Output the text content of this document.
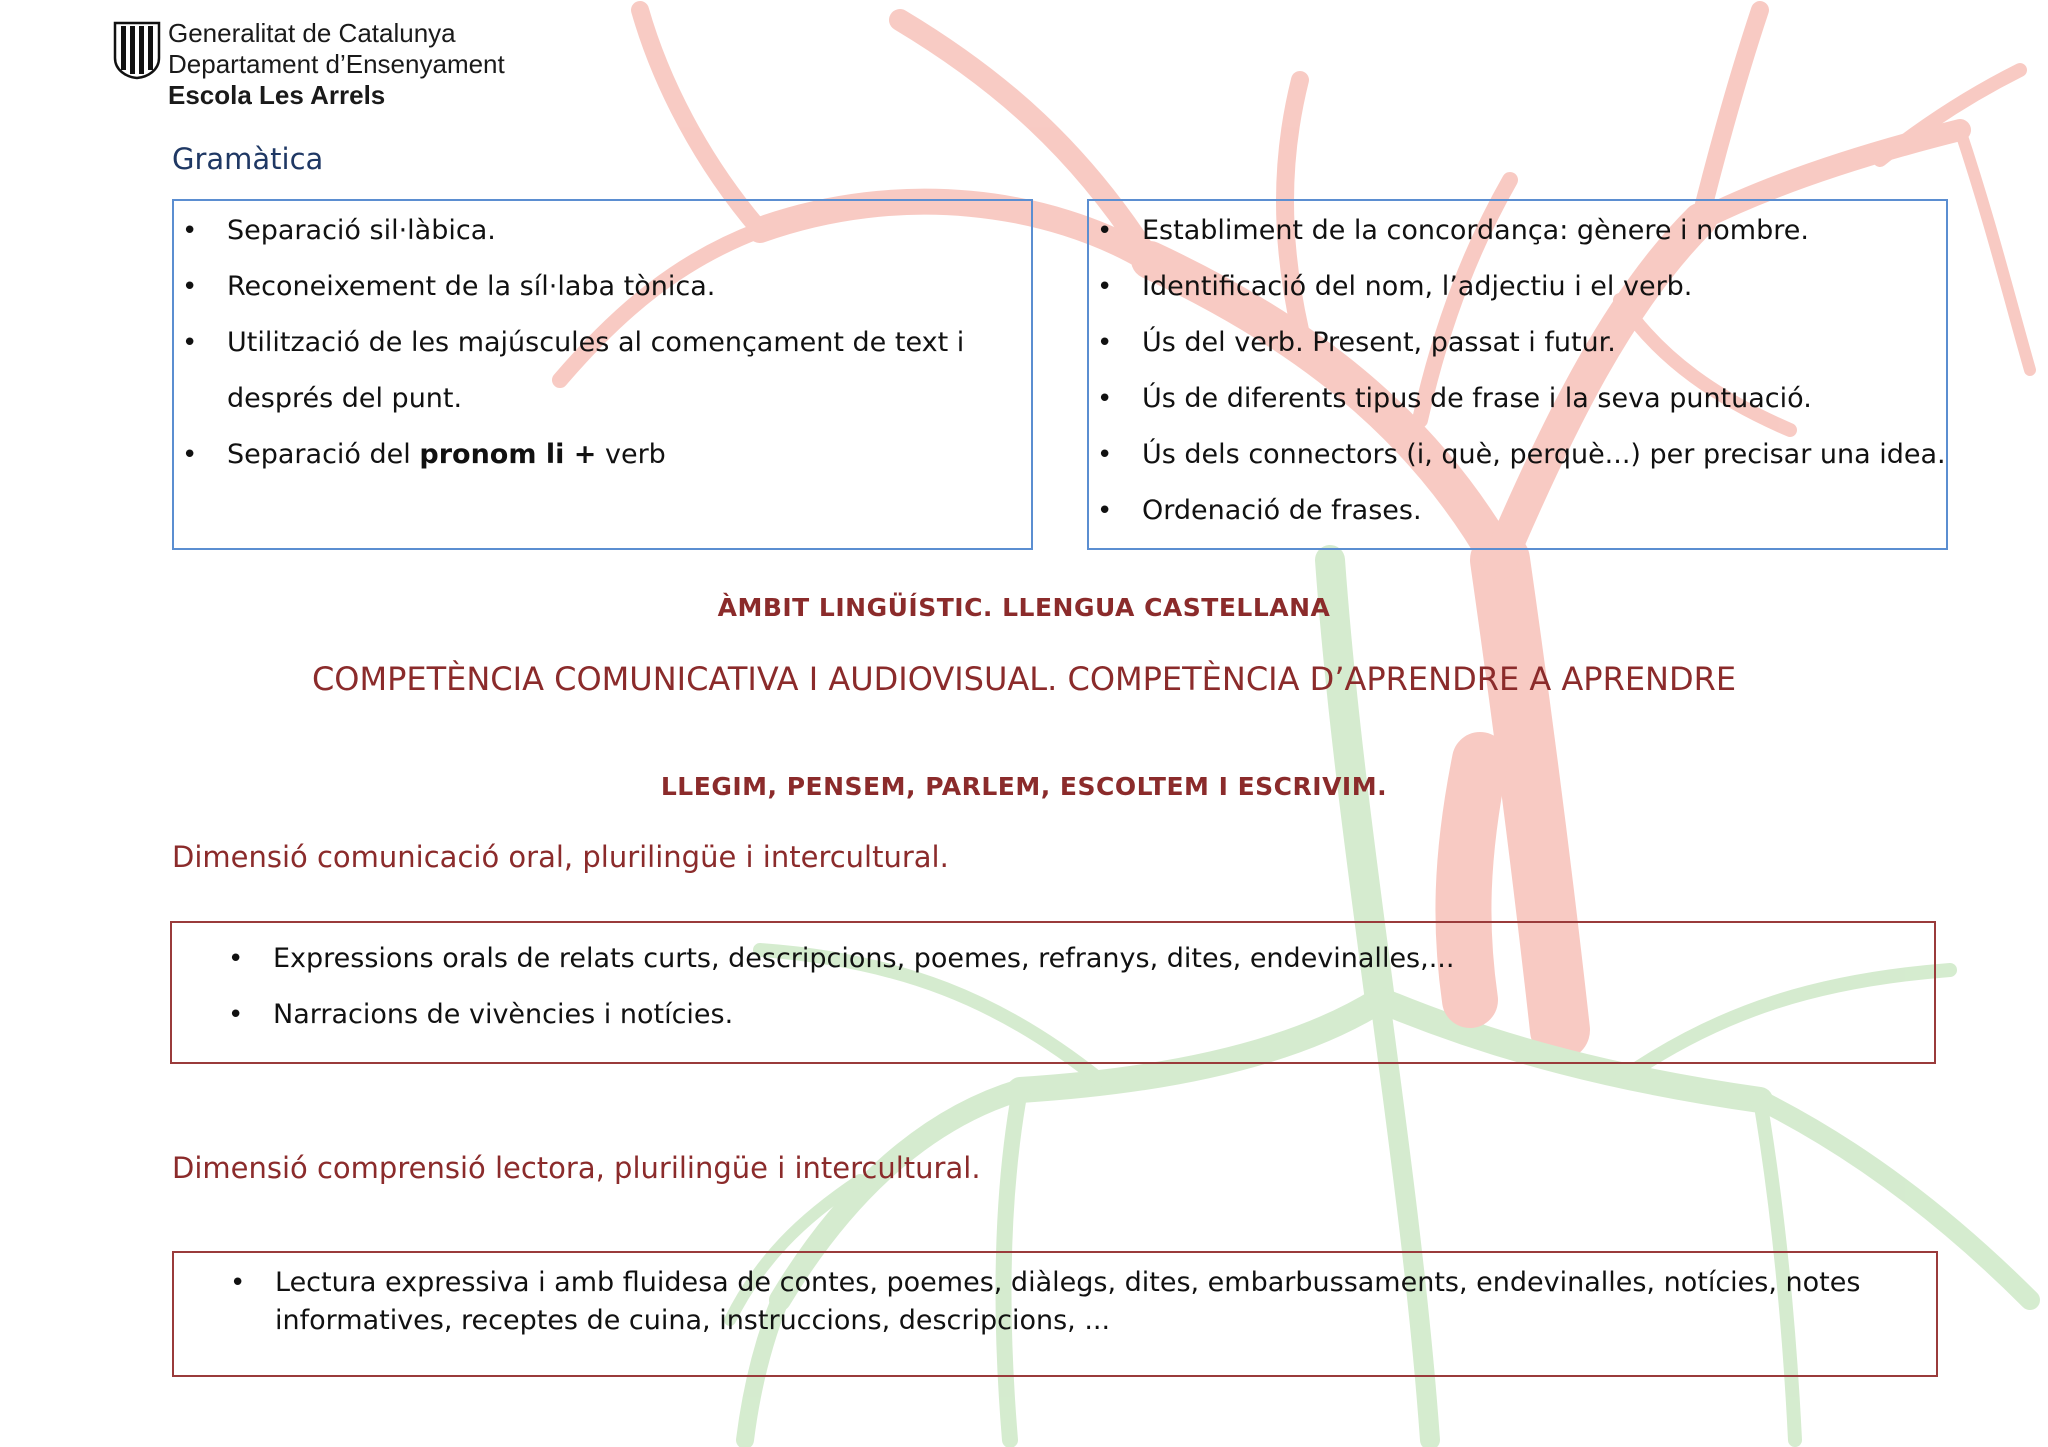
Generalitat de Catalunya
Departament d’Ensenyament
Escola Les Arrels
Gramàtica
• Separació sil·làbica.
• Reconeixement de la síl·laba tònica.
• Utilització de les majúscules al començament de text i després del punt.
• Separació del pronom li + verb
• Establiment de la concordança: gènere i nombre.
• Identificació del nom, l’adjectiu i el verb.
• Ús del verb. Present, passat i futur.
• Ús de diferents tipus de frase i la seva puntuació.
• Ús dels connectors (i, què, perquè...) per precisar una idea.
• Ordenació de frases.
ÀMBIT LINGÜÍSTIC. LLENGUA CASTELLANA
COMPETÈNCIA COMUNICATIVA I AUDIOVISUAL. COMPETÈNCIA D’APRENDRE A APRENDRE
LLEGIM, PENSEM, PARLEM, ESCOLTEM I ESCRIVIM.
Dimensió comunicació oral, plurilingüe i intercultural.
• Expressions orals de relats curts, descripcions, poemes, refranys, dites, endevinalles,...
• Narracions de vivències i notícies.
Dimensió comprensió lectora, plurilingüe i intercultural.
• Lectura expressiva i amb fluidesa de contes, poemes, diàlegs, dites, embarbussaments, endevinalles, notícies, notes informatives, receptes de cuina, instruccions, descripcions, ...
